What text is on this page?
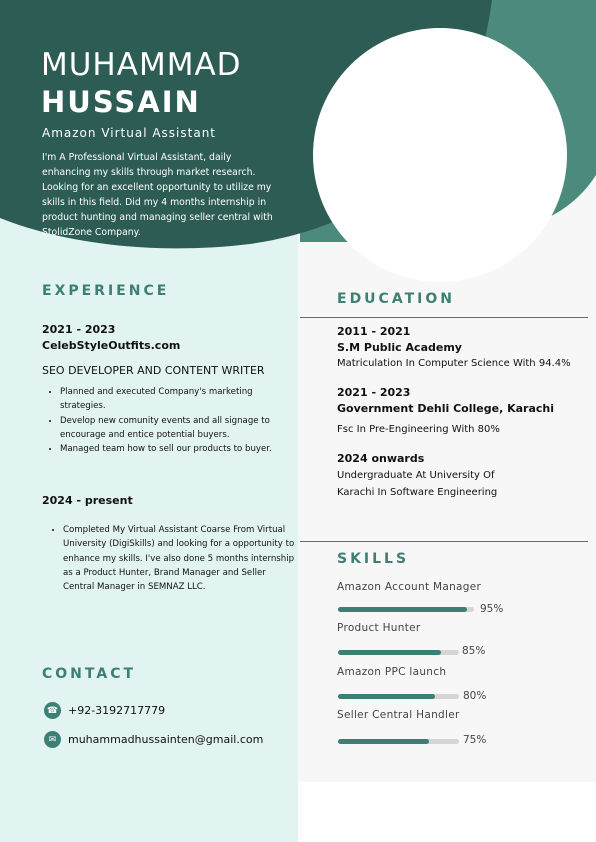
MUHAMMAD
HUSSAIN
Amazon Virtual Assistant
I'm A Professional Virtual Assistant, daily enhancing my skills through market research. Looking for an excellent opportunity to utilize my skills in this field. Did my 4 months internship in product hunting and managing seller central with StolidZone Company.
EXPERIENCE
2021 - 2023
CelebStyleOutfits.com
SEO DEVELOPER AND CONTENT WRITER
• Planned and executed Company's marketing strategies.
• Develop new comunity events and all signage to encourage and entice potential buyers.
• Managed team how to sell our products to buyer.
2024 - present
• Completed My Virtual Assistant Coarse From Virtual University (DigiSkills) and looking for a opportunity to enhance my skills. I've also done 5 months internship as a Product Hunter, Brand Manager and Seller Central Manager in SEMNAZ LLC.
CONTACT
☎ +92-3192717779
✉	muhammadhussainten@gmail.com
EDUCATION
2011 - 2021
S.M Public Academy
Matriculation In Computer Science With 94.4%
2021 - 2023
Government Dehli College, Karachi
Fsc In Pre-Engineering With 80%
2024 onwards
Undergraduate At University Of
Karachi In Software Engineering
SKILLS
Amazon Account Manager
95%
Product Hunter
85%
Amazon PPC launch
80%
Seller Central Handler
75%
